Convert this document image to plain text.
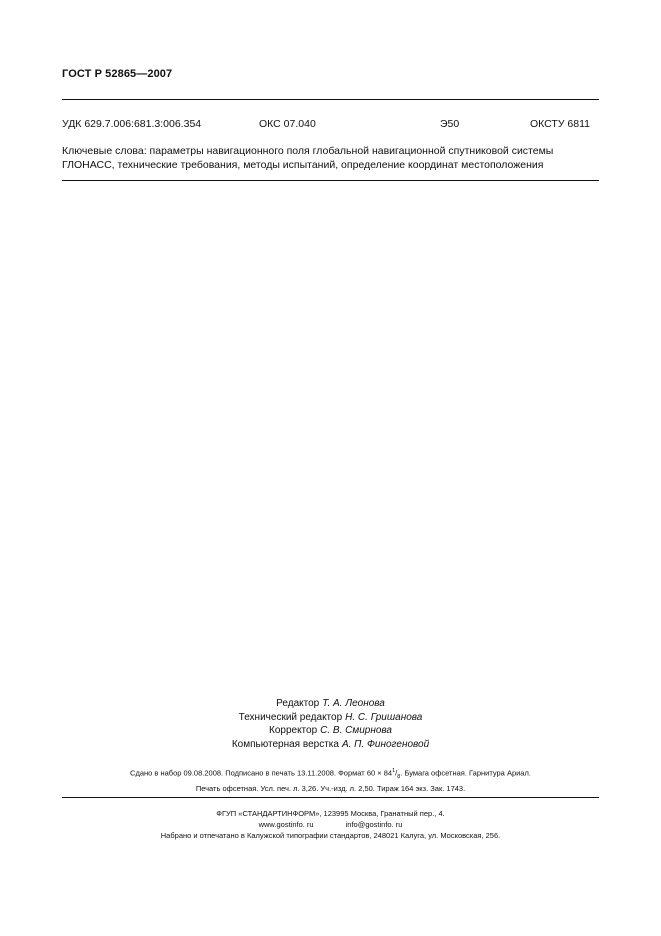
ГОСТ Р 52865—2007
УДК 629.7.006:681.3:006.354	ОКС 07.040	Э50	ОКСТУ 6811
Ключевые слова: параметры навигационного поля глобальной навигационной спутниковой системы
ГЛОНАСС, технические требования, методы испытаний, определение координат местоположения
Редактор Т. А. Леонова
Технический редактор Н. С. Гришанова
Корректор С. В. Смирнова
Компьютерная верстка А. П. Финогеновой
Сдано в набор 09.08.2008. Подписано в печать 13.11.2008. Формат $60 \times 84^1/_8$. Бумага офсетная. Гарнитура Ариал.
Печать офсетная. Усл. печ. л. 3,26. Уч.-изд. л. 2,50. Тираж 164 экз. Зак. 1743.
ФГУП «СТАНДАРТИНФОРМ», 123995 Москва, Гранатный пер., 4.
www.gostinfo. ru	info@gostinfo. ru
Набрано и отпечатано в Калужской типографии стандартов, 248021 Калуга, ул. Московская, 256.
